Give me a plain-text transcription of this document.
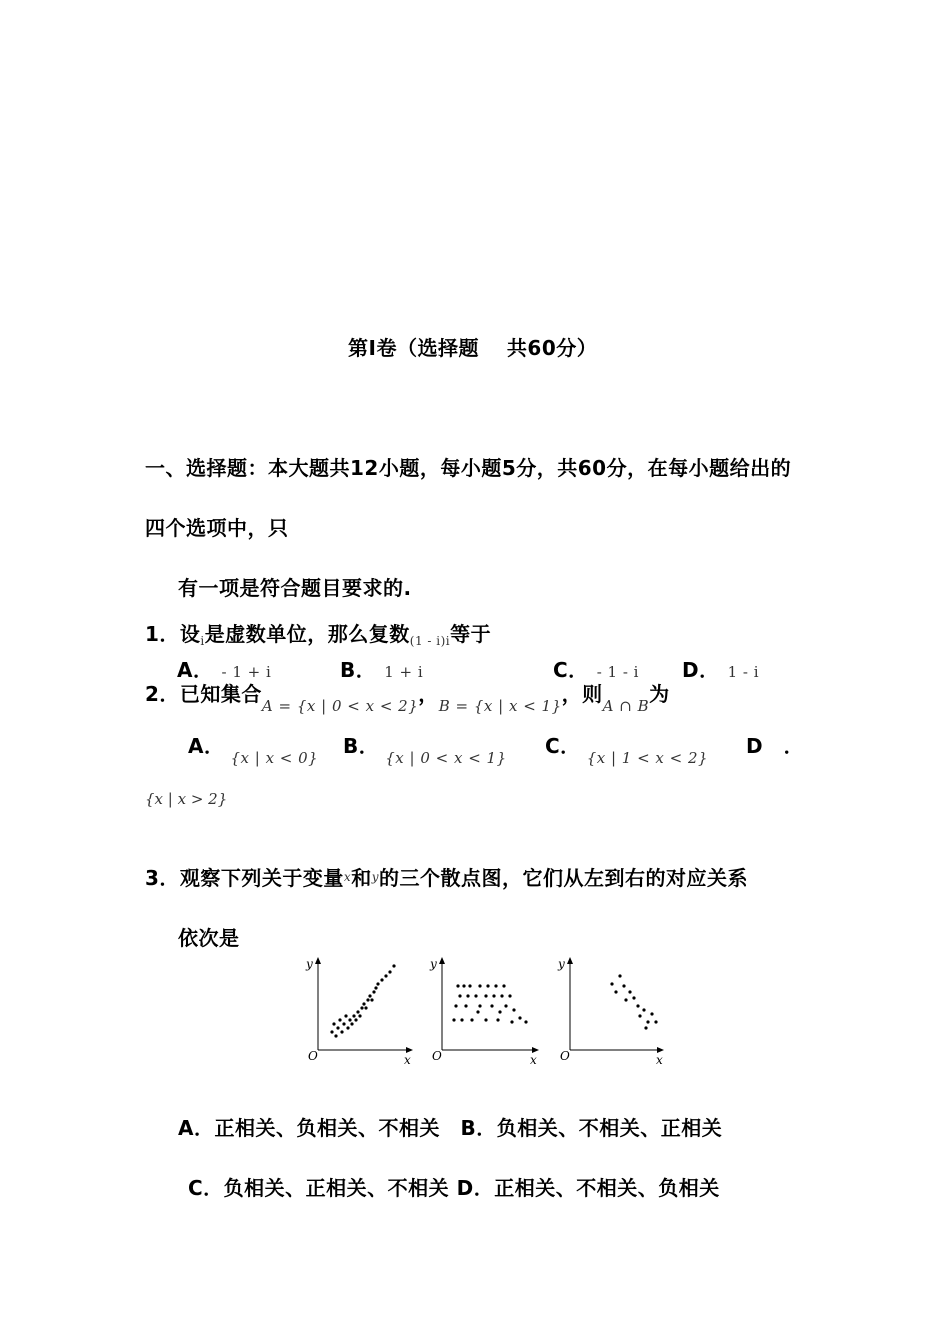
第Ⅰ卷（选择题　 共60分）
一、选择题：本大题共12小题，每小题5分，共60分，在每小题给出的
四个选项中，只
有一项是符合题目要求的.
1．设$_i$是虚数单位，那么复数$_{(1 - i)i}$等于
A． - 1 + i	B． 1 + i	C． - 1 - i D． 1 - i
2．已知集合$_{A = \{x | 0 < x < 2\}}$，$_{B = \{x | x < 1\}}$，则$_{A \cap B}$为
A． $_{\{x | x < 0\}}$ B． $_{\{x | 0 < x < 1\}}$ C． $_{\{x | 1 < x < 2\}}$ D　．
{x | x > 2}
3．观察下列关于变量$^x$和$^y$的三个散点图，它们从左到右的对应关系
依次是
y
x
O
y
x
O
y
x
O
A．正相关、负相关、不相关　B．负相关、不相关、正相关
C．负相关、正相关、不相关 D．正相关、不相关、负相关
